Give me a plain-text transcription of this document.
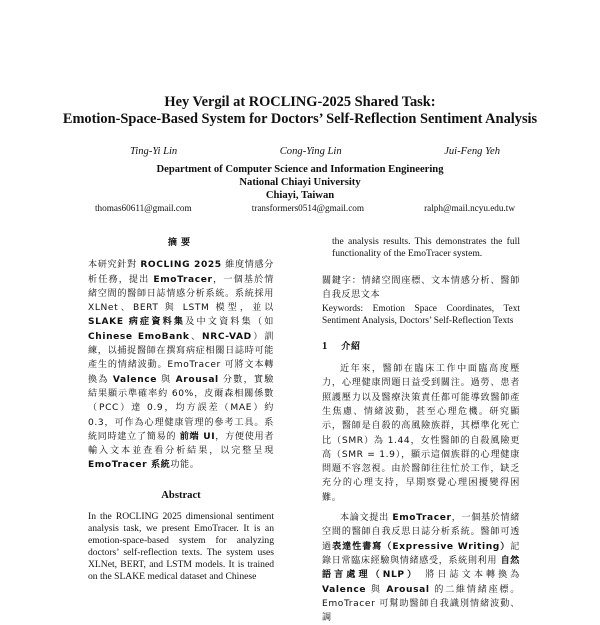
Hey Vergil at ROCLING-2025 Shared Task:
Emotion-Space-Based System for Doctors’ Self-Reflection Sentiment Analysis
Ting-Yi Lin	Cong-Ying Lin	Jui-Feng Yeh
Department of Computer Science and Information Engineering
National Chiayi University
Chiayi, Taiwan
thomas60611@gmail.com	transformers0514@gmail.com	ralph@mail.ncyu.edu.tw
摘要

本研究針對 ROCLING 2025 維度情感分析任務，提出 EmoTracer，一個基於情緒空間的醫師日誌情感分析系統。系統採用 XLNet、BERT 與 LSTM 模型，並以 SLAKE 病症資料集及中文資料集（如 Chinese EmoBank、NRC-VAD）訓練，以捕捉醫師在撰寫病症相關日誌時可能產生的情緒波動。EmoTracer 可將文本轉換為 Valence 與 Arousal 分數，實驗結果顯示準確率約 60%，皮爾森相關係數（PCC）達 0.9，均方誤差（MAE）約 0.3，可作為心理健康管理的參考工具。系統同時建立了簡易的 前端 UI，方便使用者輸入文本並查看分析結果，以完整呈現 EmoTracer 系統功能。

Abstract

In the ROCLING 2025 dimensional sentiment analysis task, we present EmoTracer. It is an emotion-space-based system for analyzing doctors’ self-reflection texts. The system uses XLNet, BERT, and LSTM models. It is trained on the SLAKE medical dataset and Chinese

the analysis results. This demonstrates the full functionality of the EmoTracer system.

關鍵字：情緒空間座標、文本情感分析、醫師自我反思文本

Keywords: Emotion Space Coordinates, Text Sentiment Analysis, Doctors’ Self-Reflection Texts

1 介紹

近年來，醫師在臨床工作中面臨高度壓力，心理健康問題日益受到關注。過勞、患者照護壓力以及醫療決策責任都可能導致醫師產生焦慮、情緒波動，甚至心理危機。研究顯示，醫師是自殺的高風險族群，其標準化死亡比（SMR）為 1.44，女性醫師的自殺風險更高（SMR = 1.9），顯示這個族群的心理健康問題不容忽視。由於醫師往往忙於工作，缺乏充分的心理支持，早期察覺心理困擾變得困難。

本論文提出 EmoTracer，一個基於情緒空間的醫師自我反思日誌分析系統。醫師可透過表達性書寫（Expressive Writing）記錄日常臨床經驗與情緒感受，系統則利用 自然語言處理（NLP） 將日誌文本轉換為 Valence 與 Arousal 的二維情緒座標。EmoTracer 可幫助醫師自我識別情緒波動、調
